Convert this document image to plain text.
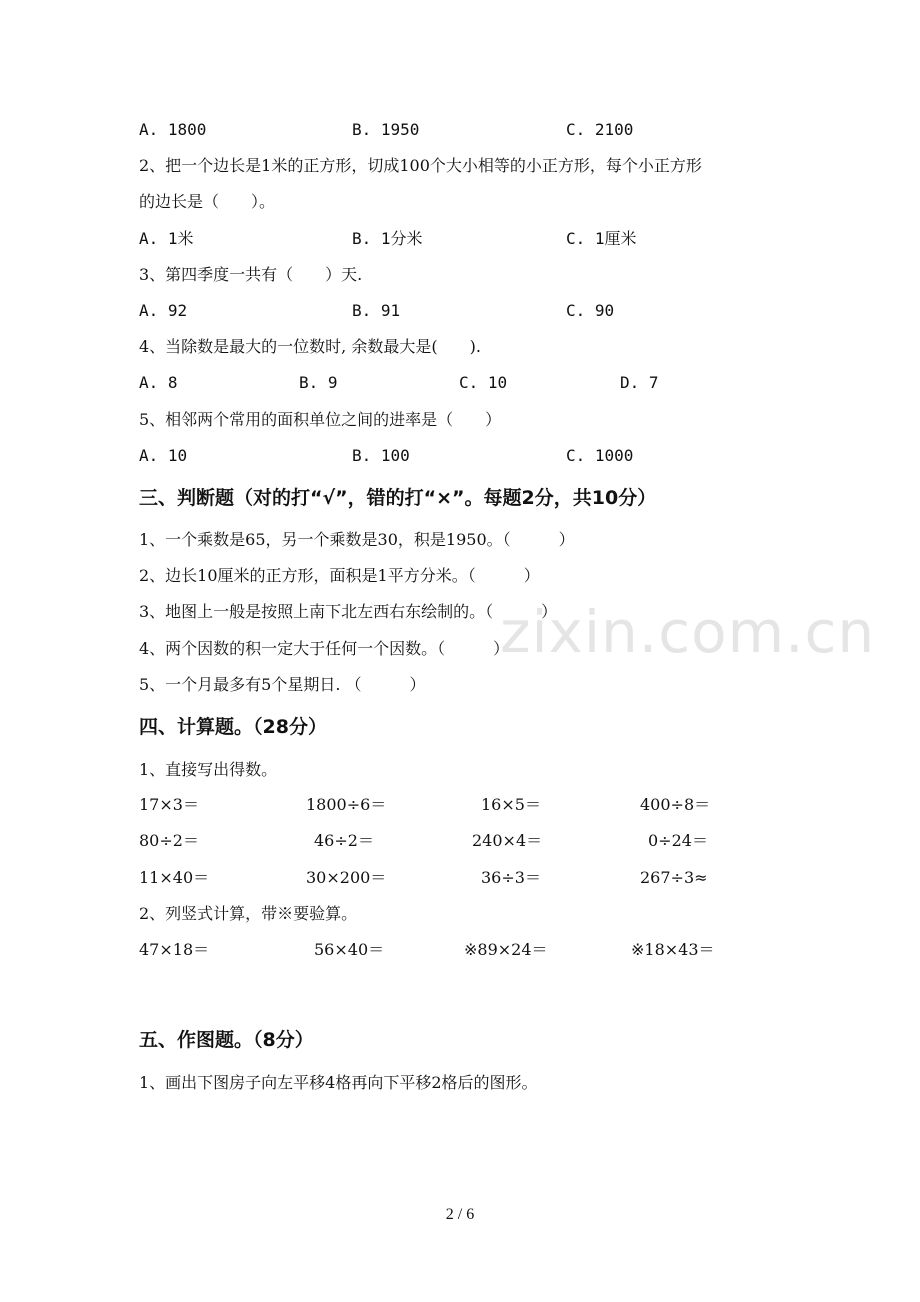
A. 1800	B. 1950	C. 2100
2、把一个边长是1米的正方形，切成100个大小相等的小正方形，每个小正方形
的边长是（　　）。
A. 1米	B. 1分米	C. 1厘米
3、第四季度一共有（　　）天.
A. 92	B. 91	C. 90
4、当除数是最大的一位数时, 余数最大是(　　).
A. 8	B. 9	C. 10	D. 7
5、相邻两个常用的面积单位之间的进率是（　　）
A. 10	B. 100	C. 1000
三、判断题（对的打“√”，错的打“×”。每题2分，共10分）
1、一个乘数是65，另一个乘数是30，积是1950。（　　　）
2、边长10厘米的正方形，面积是1平方分米。（　　　）
3、地图上一般是按照上南下北左西右东绘制的。（　　　）
4、两个因数的积一定大于任何一个因数。（　　　）
5、一个月最多有5个星期日. （　　　）
四、计算题。（28分）
1、直接写出得数。
17×3＝	1800÷6＝	16×5＝	400÷8＝
80÷2＝	46÷2＝	240×4＝	0÷24＝
11×40＝	30×200＝	36÷3＝	267÷3≈
2、列竖式计算，带※要验算。
47×18＝	56×40＝	※89×24＝	※18×43＝
五、作图题。（8分）
1、画出下图房子向左平移4格再向下平移2格后的图形。
zixin.com.cn
2 / 6
